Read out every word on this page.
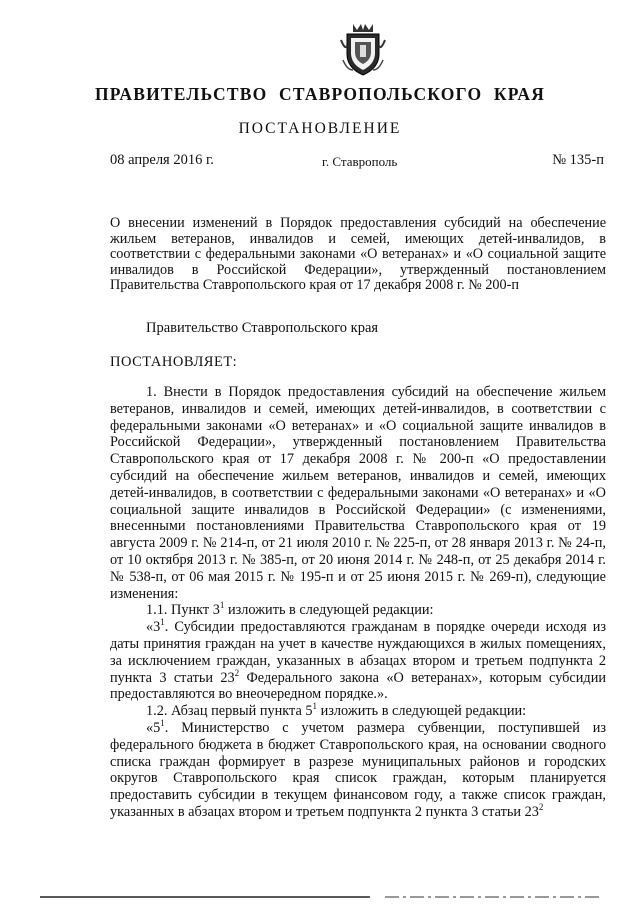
ПРАВИТЕЛЬСТВО СТАВРОПОЛЬСКОГО КРАЯ
ПОСТАНОВЛЕНИЕ
08 апреля 2016 г.	г. Ставрополь	№ 135-п
О внесении изменений в Порядок предоставления субсидий на обеспечение жильем ветеранов, инвалидов и семей, имеющих детей-инвалидов, в соответствии с федеральными законами «О ветеранах» и «О социальной защите инвалидов в Российской Федерации», утвержденный постановлением Правительства Ставропольского края от 17 декабря 2008 г. № 200-п
Правительство Ставропольского края
ПОСТАНОВЛЯЕТ:

1. Внести в Порядок предоставления субсидий на обеспечение жильем ветеранов, инвалидов и семей, имеющих детей-инвалидов, в соответствии с федеральными законами «О ветеранах» и «О социальной защите инвалидов в Российской Федерации», утвержденный постановлением Правительства Ставропольского края от 17 декабря 2008 г. № 200-п «О предоставлении субсидий на обеспечение жильем ветеранов, инвалидов и семей, имеющих детей-инвалидов, в соответствии с федеральными законами «О ветеранах» и «О социальной защите инвалидов в Российской Федерации» (с изменениями, внесенными постановлениями Правительства Ставропольского края от 19 августа 2009 г. № 214-п, от 21 июля 2010 г. № 225-п, от 28 января 2013 г. № 24-п, от 10 октября 2013 г. № 385-п, от 20 июня 2014 г. № 248-п, от 25 декабря 2014 г. № 538-п, от 06 мая 2015 г. № 195-п и от 25 июня 2015 г. № 269-п), следующие изменения:

1.1. Пункт $3^1$ изложить в следующей редакции:

«$3^1$. Субсидии предоставляются гражданам в порядке очереди исходя из даты принятия граждан на учет в качестве нуждающихся в жилых помещениях, за исключением граждан, указанных в абзацах втором и третьем подпункта 2 пункта 3 статьи $23^2$ Федерального закона «О ветеранах», которым субсидии предоставляются во внеочередном порядке.».

1.2. Абзац первый пункта $5^1$ изложить в следующей редакции:

«$5^1$. Министерство с учетом размера субвенции, поступившей из федерального бюджета в бюджет Ставропольского края, на основании сводного списка граждан формирует в разрезе муниципальных районов и городских округов Ставропольского края список граждан, которым планируется предоставить субсидии в текущем финансовом году, а также список граждан, указанных в абзацах втором и третьем подпункта 2 пункта 3 статьи $23^2$
